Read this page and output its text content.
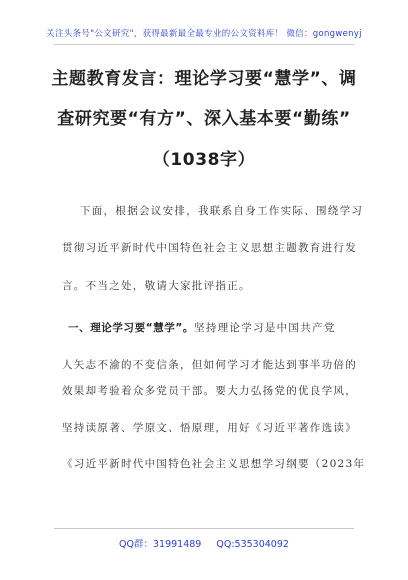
关注头条号"公文研究"，获得最新最全最专业的公文资料库！ 微信：gongwenyj
主题教育发言：理论学习要“慧学”、调
查研究要“有方”、深入基本要“勤练”
（1038字）
下面，根据会议安排，我联系自身工作实际、围绕学习
贯彻习近平新时代中国特色社会主义思想主题教育进行发
言。不当之处，敬请大家批评指正。
一、理论学习要“慧学”。坚持理论学习是中国共产党
人矢志不渝的不变信条，但如何学习才能达到事半功倍的
效果却考验着众多党员干部。要大力弘扬党的优良学风，
坚持读原著、学原文、悟原理，用好《习近平著作选读》
《习近平新时代中国特色社会主义思想学习纲要（2023年
QQ群：31991489 QQ:535304092
